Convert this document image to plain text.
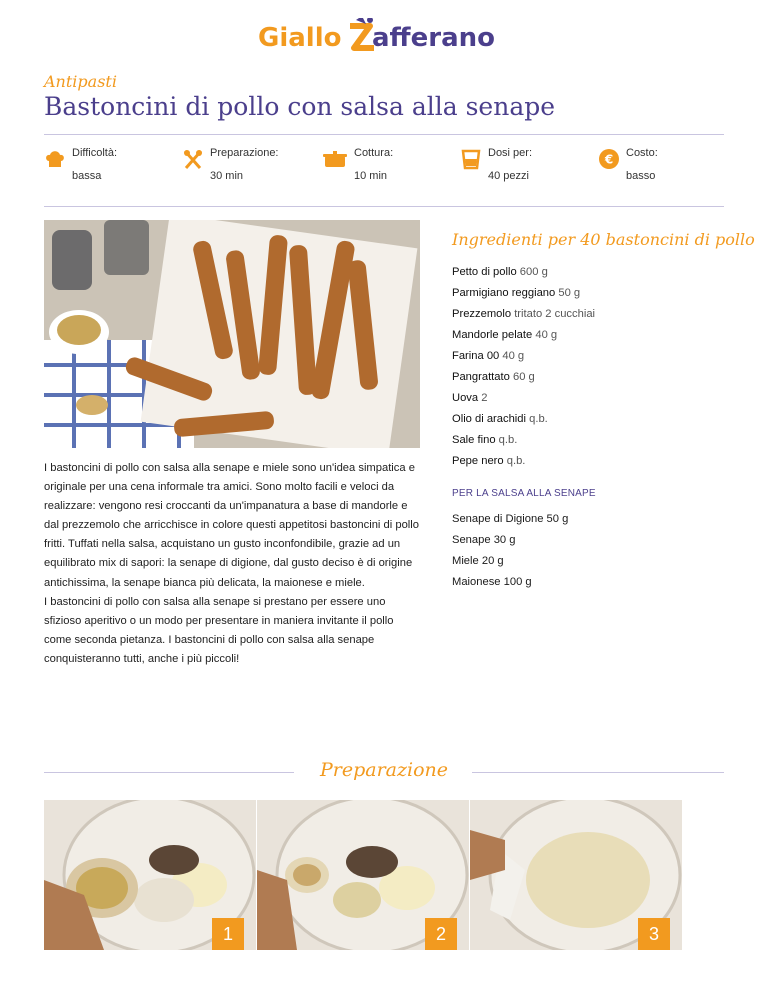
Giallo afferano
Antipasti
Bastoncini di pollo con salsa alla senape
Difficoltà:
bassa
Preparazione:
30 min
Cottura:
10 min
Dosi per:
40 pezzi
€ Costo:
basso

I bastoncini di pollo con salsa alla senape e miele sono un'idea simpatica e originale per una cena informale tra amici. Sono molto facili e veloci da realizzare: vengono resi croccanti da un'impanatura a base di mandorle e dal prezzemolo che arricchisce in colore questi appetitosi bastoncini di pollo fritti. Tuffati nella salsa, acquistano un gusto inconfondibile, grazie ad un equilibrato mix di sapori: la senape di digione, dal gusto deciso è di origine antichissima, la senape bianca più delicata, la maionese e miele.

I bastoncini di pollo con salsa alla senape si prestano per essere uno sfizioso aperitivo o un modo per presentare in maniera invitante il pollo come seconda pietanza. I bastoncini di pollo con salsa alla senape conquisteranno tutti, anche i più piccoli!

Ingredienti per 40 bastoncini di pollo
Petto di pollo 600 g
Parmigiano reggiano 50 g
Prezzemolo tritato 2 cucchiai
Mandorle pelate 40 g
Farina 00 40 g
Pangrattato 60 g
Uova 2
Olio di arachidi q.b.
Sale fino q.b.
Pepe nero q.b.
PER LA SALSA ALLA SENAPE
Senape di Digione 50 g
Senape 30 g
Miele 20 g
Maionese 100 g
Preparazione
1	2	3
